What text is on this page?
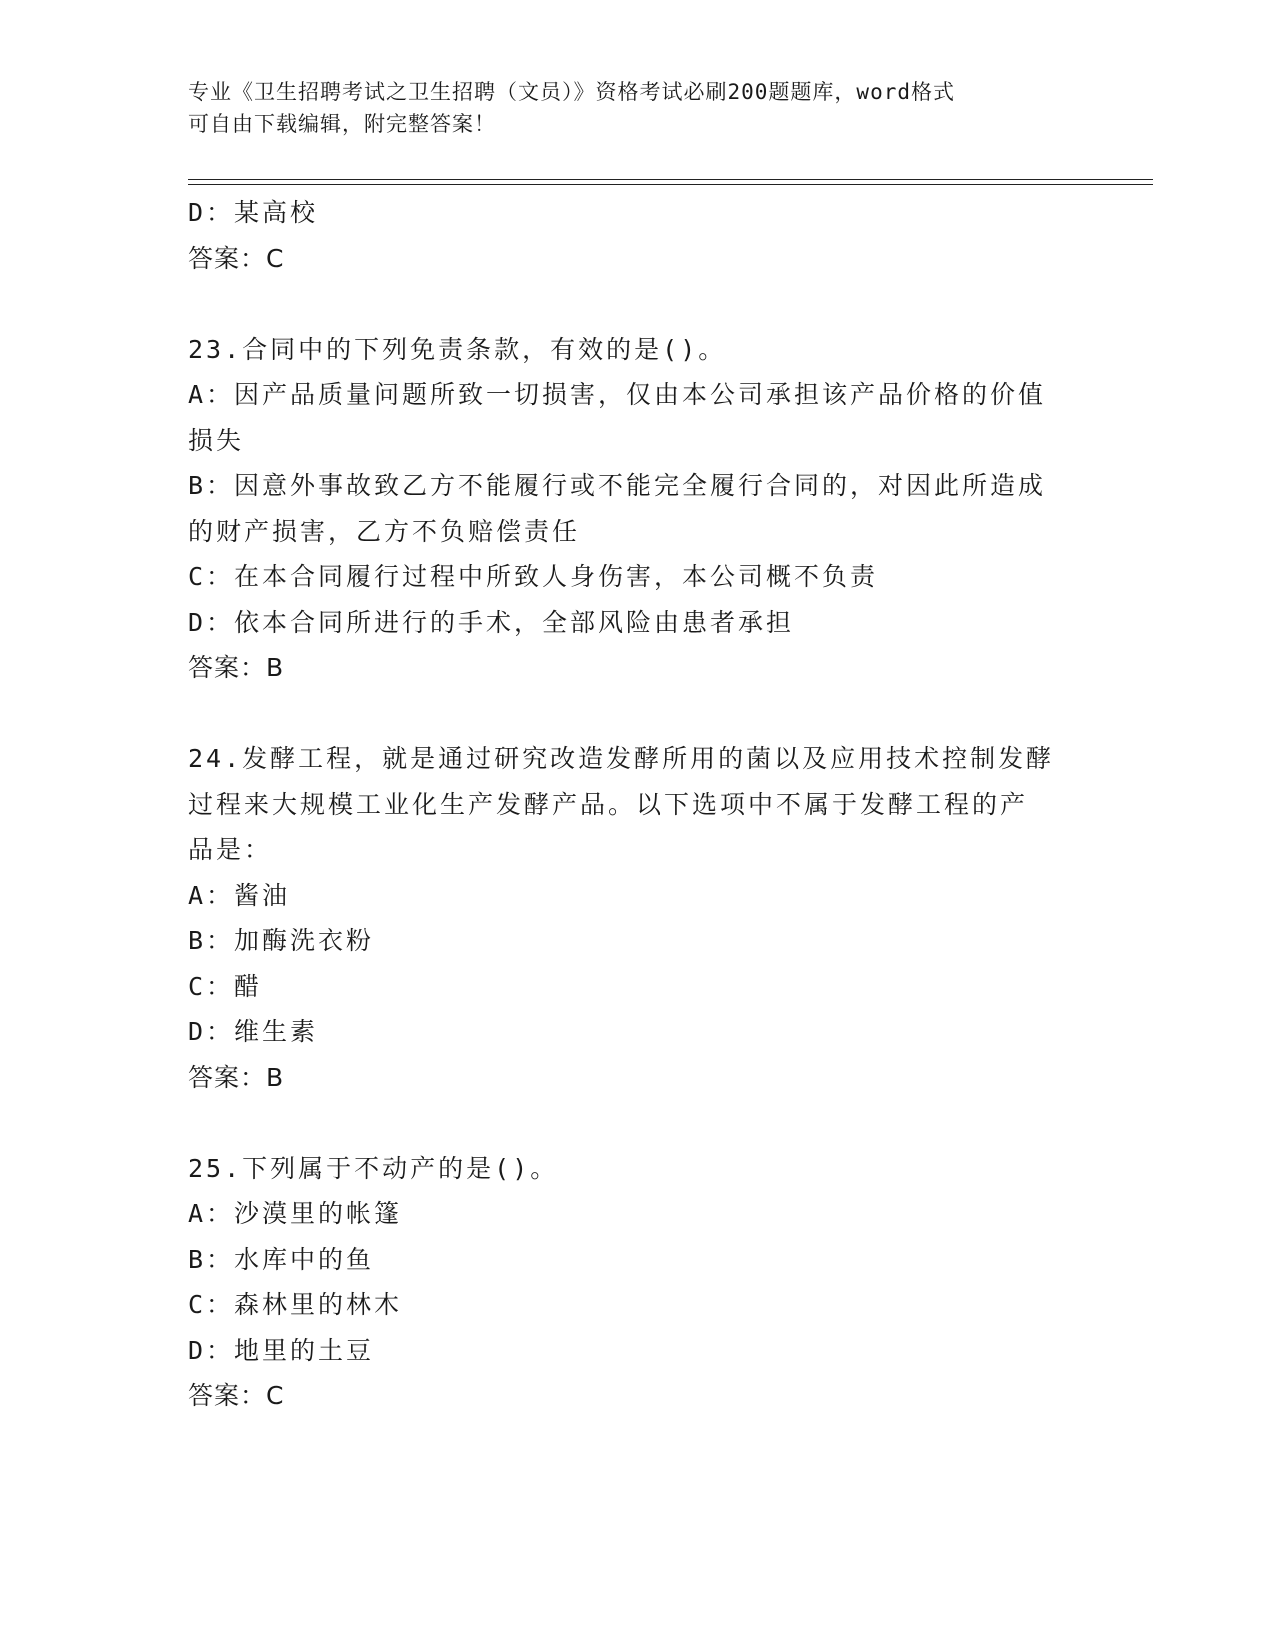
专业《卫生招聘考试之卫生招聘（文员）》资格考试必刷200题题库，word格式
可自由下载编辑，附完整答案！
D：某高校
答案：C
23.合同中的下列免责条款，有效的是()。
A：因产品质量问题所致一切损害，仅由本公司承担该产品价格的价值
损失
B：因意外事故致乙方不能履行或不能完全履行合同的，对因此所造成
的财产损害，乙方不负赔偿责任
C：在本合同履行过程中所致人身伤害，本公司概不负责
D：依本合同所进行的手术，全部风险由患者承担
答案：B
24.发酵工程，就是通过研究改造发酵所用的菌以及应用技术控制发酵
过程来大规模工业化生产发酵产品。以下选项中不属于发酵工程的产
品是：
A：酱油
B：加酶洗衣粉
C：醋
D：维生素
答案：B
25.下列属于不动产的是()。
A：沙漠里的帐篷
B：水库中的鱼
C：森林里的林木
D：地里的土豆
答案：C
